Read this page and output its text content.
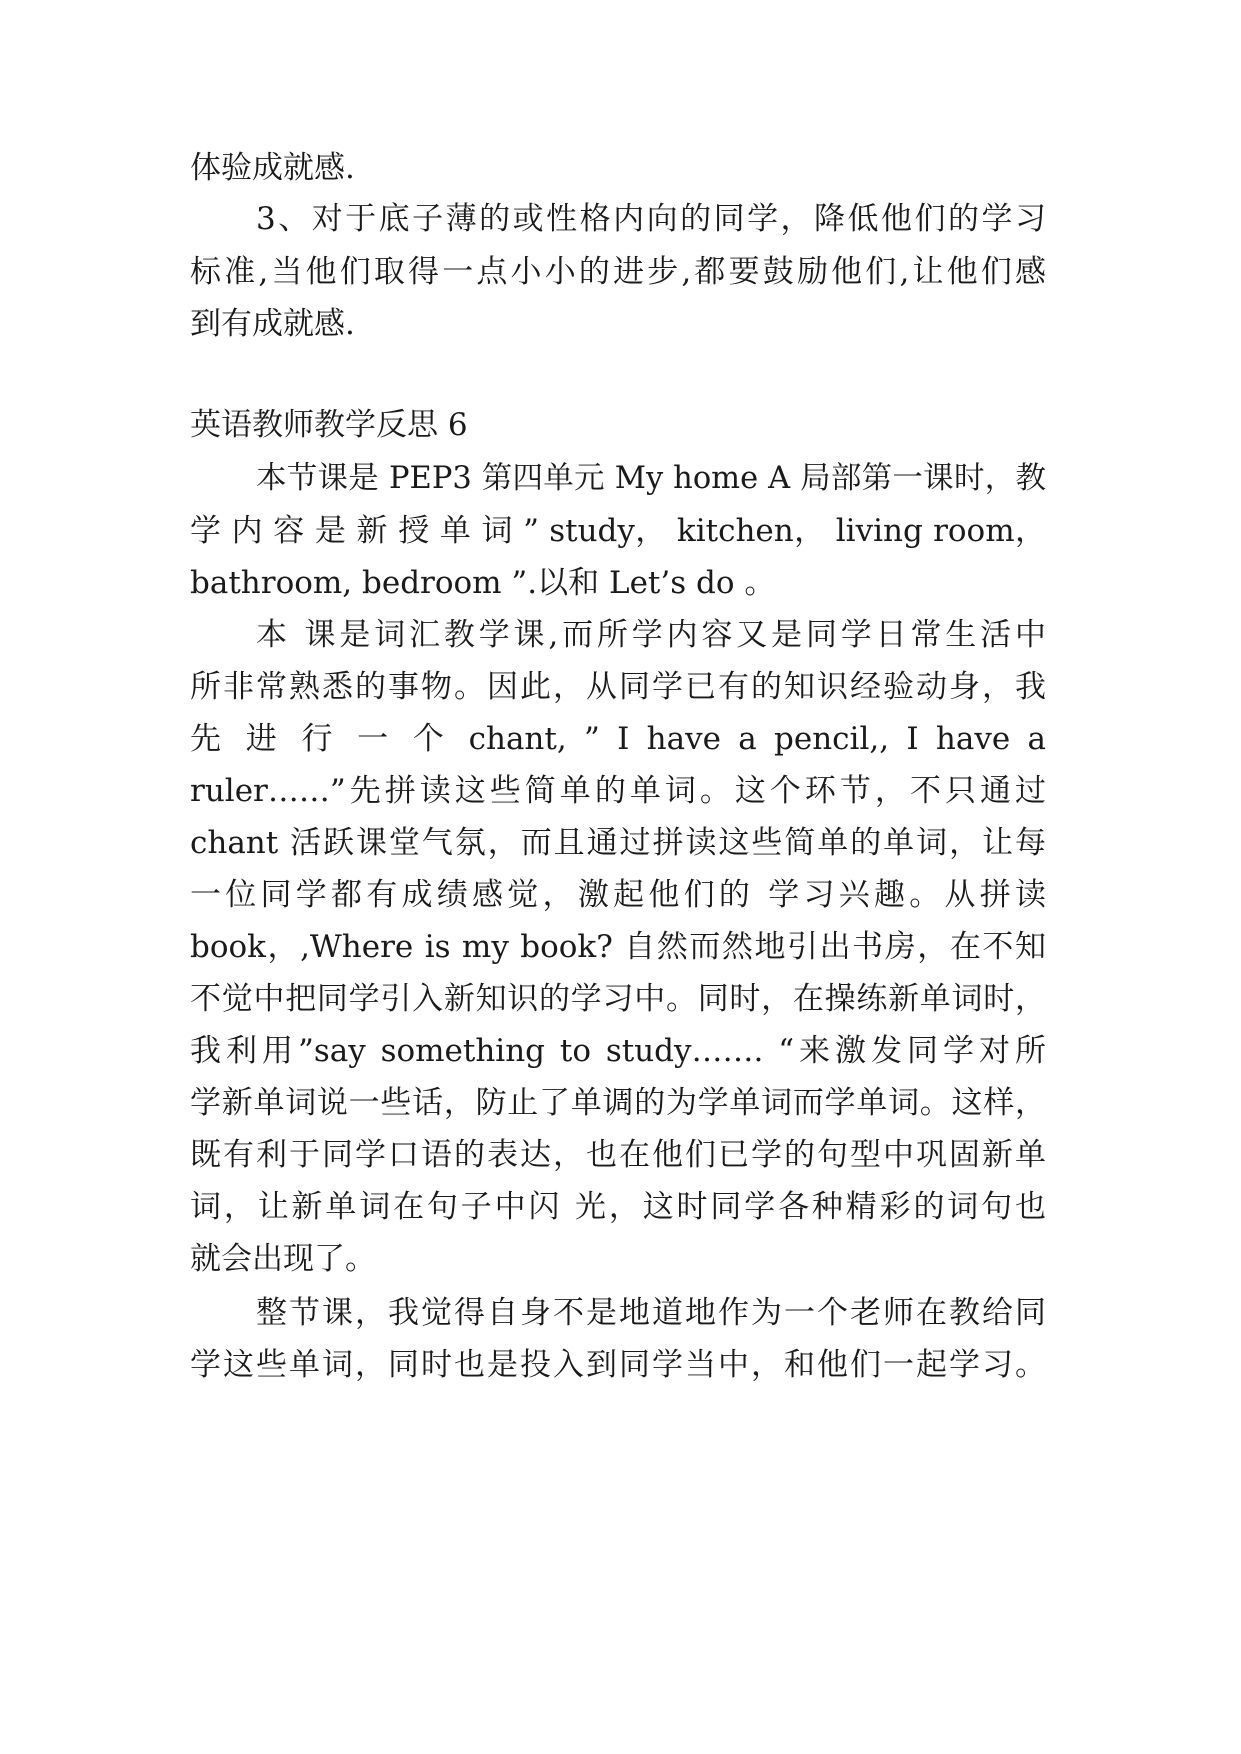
体验成就感.
3、对于底子薄的或性格内向的同学，降低他们的学习
标准,当他们取得一点小小的进步,都要鼓励他们,让他们感
到有成就感.
英语教师教学反思 6
本节课是 PEP3 第四单元 My home A 局部第一课时，教
学 内 容 是 新 授 单 词 ” study， kitchen， living room，
bathroom, bedroom ”.以和 Let’s do 。
本 课是词汇教学课,而所学内容又是同学日常生活中
所非常熟悉的事物。因此，从同学已有的知识经验动身，我
先 进 行 一 个 chant, ” I have a pencil,, I have a
ruler……”先拼读这些简单的单词。这个环节，不只通过
chant 活跃课堂气氛，而且通过拼读这些简单的单词，让每
一位同学都有成绩感觉，激起他们的 学习兴趣。从拼读
book，,Where is my book? 自然而然地引出书房，在不知
不觉中把同学引入新知识的学习中。同时，在操练新单词时，
我利用”say something to study……. “来激发同学对所
学新单词说一些话，防止了单调的为学单词而学单词。这样，
既有利于同学口语的表达，也在他们已学的句型中巩固新单
词，让新单词在句子中闪 光，这时同学各种精彩的词句也
就会出现了。
整节课，我觉得自身不是地道地作为一个老师在教给同
学这些单词，同时也是投入到同学当中，和他们一起学习。
